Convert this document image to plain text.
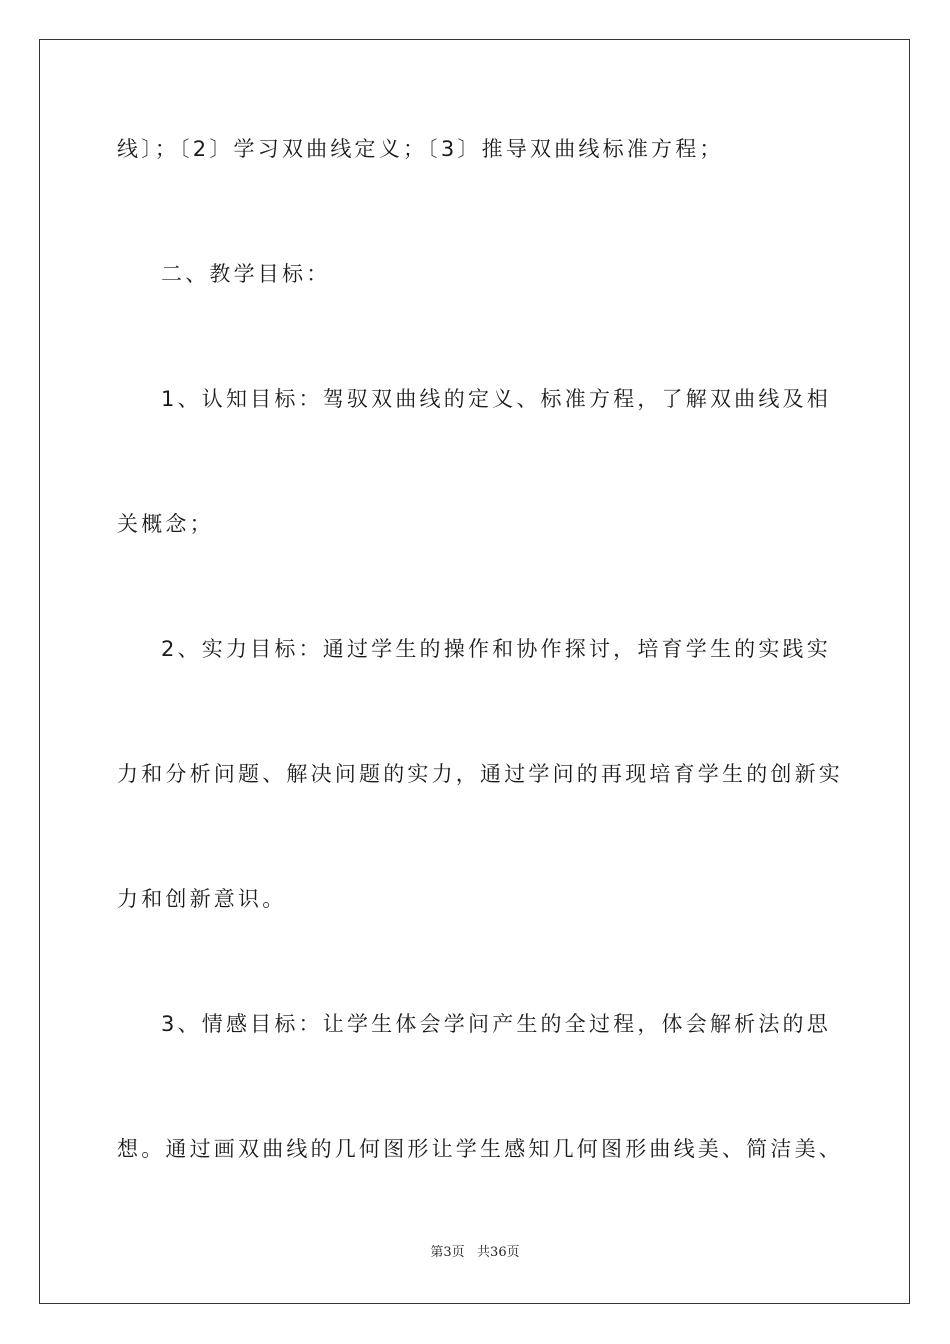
线〕；〔2〕学习双曲线定义；〔3〕推导双曲线标准方程；
二、教学目标：
1、认知目标：驾驭双曲线的定义、标准方程，了解双曲线及相
关概念；
2、实力目标：通过学生的操作和协作探讨，培育学生的实践实
力和分析问题、解决问题的实力，通过学问的再现培育学生的创新实
力和创新意识。
3、情感目标：让学生体会学问产生的全过程，体会解析法的思
想。通过画双曲线的几何图形让学生感知几何图形曲线美、简洁美、
第3页   共36页
